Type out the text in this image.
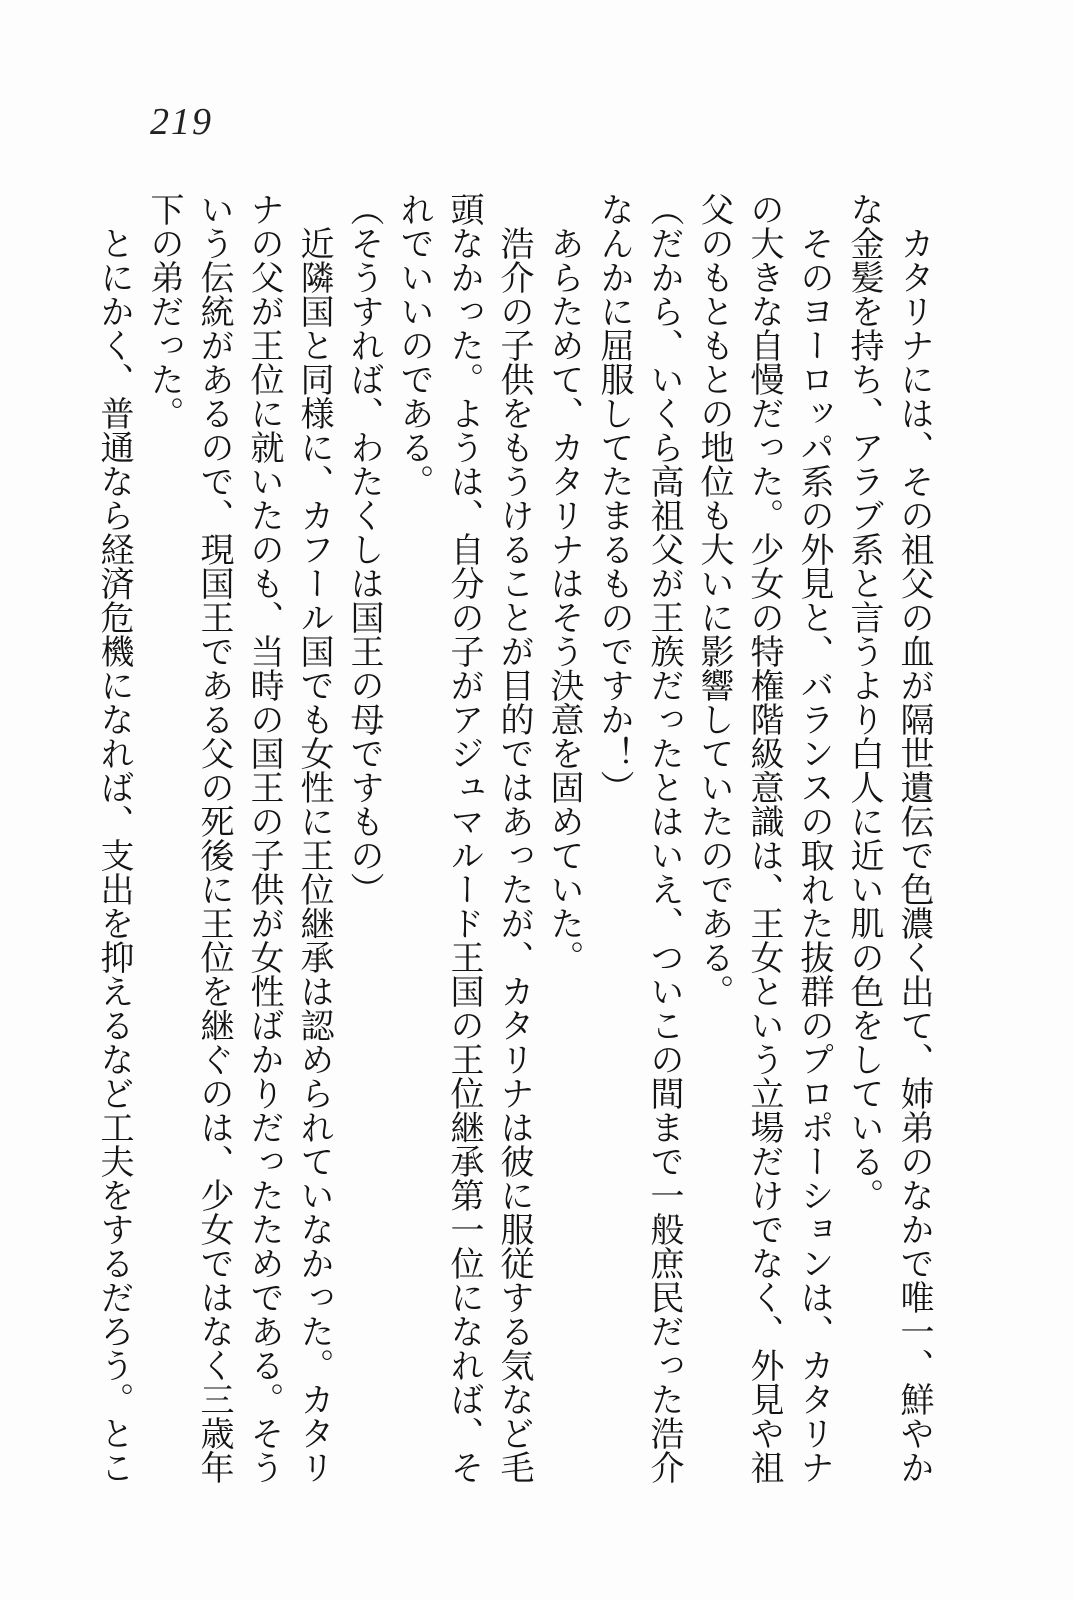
219

カタリナには、その祖父の血が隔世遺伝で色濃く出て、姉弟のなかで唯一、鮮やかな金髪を持ち、アラブ系と言うより白人に近い肌の色をしている。

そのヨーロッパ系の外見と、バランスの取れた抜群のプロポーションは、カタリナの大きな自慢だった。少女の特権階級意識は、王女という立場だけでなく、外見や祖父のもともとの地位も大いに影響していたのである。

（だから、いくら高祖父が王族だったとはいえ、ついこの間まで一般庶民だった浩介なんかに屈服してたまるものですか！）

あらためて、カタリナはそう決意を固めていた。

浩介の子供をもうけることが目的ではあったが、カタリナは彼に服従する気など毛頭なかった。ようは、自分の子がアジュマルード王国の王位継承第一位になれば、それでいいのである。

（そうすれば、わたくしは国王の母ですもの）

近隣国と同様に、カフール国でも女性に王位継承は認められていなかった。カタリナの父が王位に就いたのも、当時の国王の子供が女性ばかりだったためである。そういう伝統があるので、現国王である父の死後に王位を継ぐのは、少女ではなく三歳年下の弟だった。

とにかく、普通なら経済危機になれば、支出を抑えるなど工夫をするだろう。とこ
